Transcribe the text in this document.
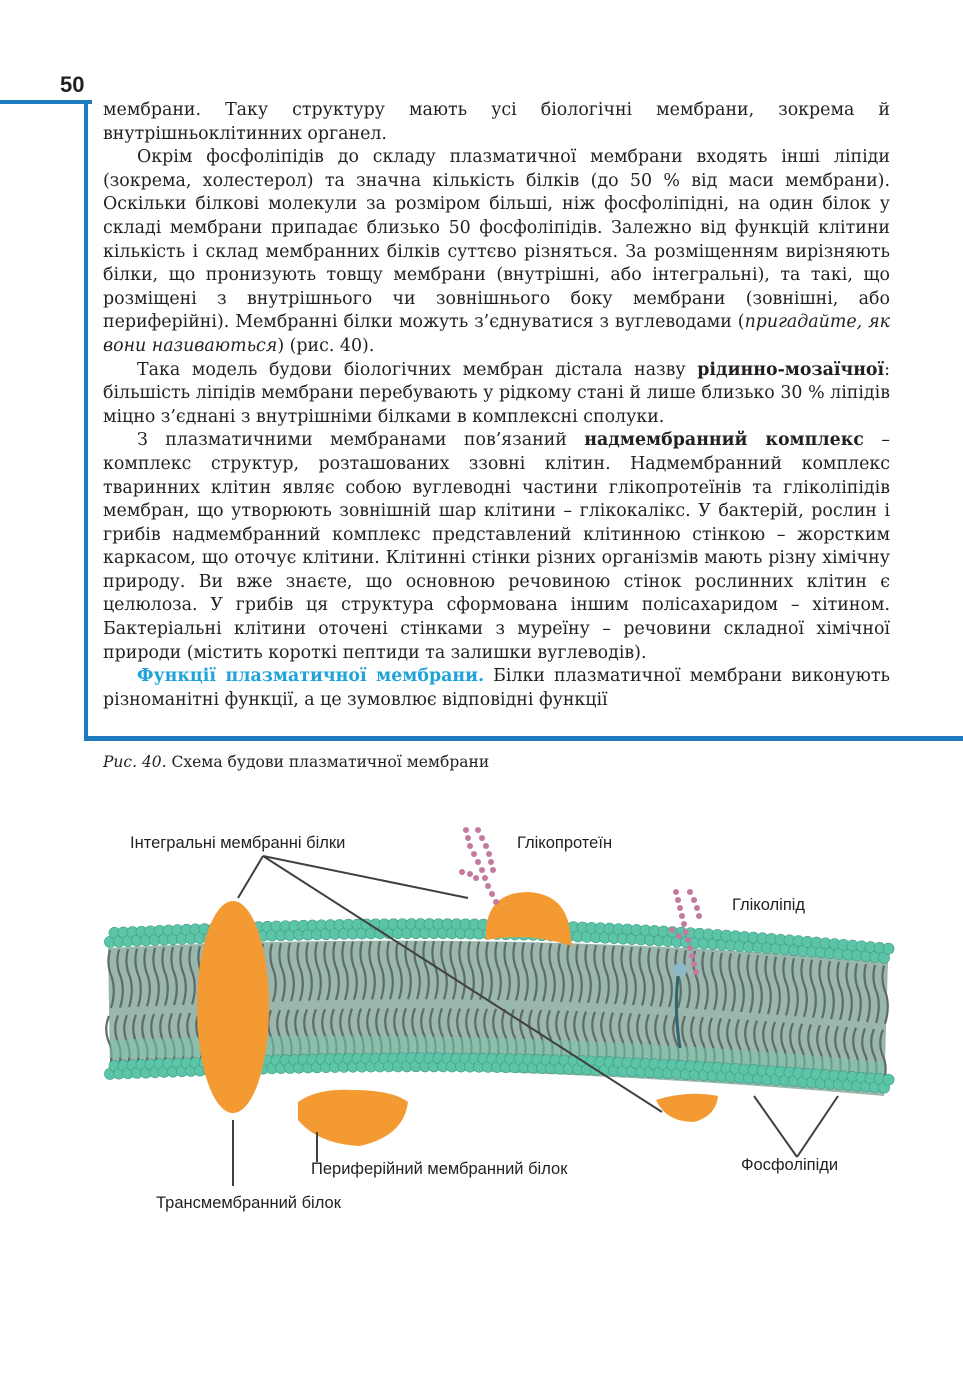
50

мембрани. Таку структуру мають усі біологічні мембрани, зокрема й внутрішньоклітинних органел.

Окрім фосфоліпідів до складу плазматичної мембрани входять інші ліпіди (зокрема, холестерол) та значна кількість білків (до 50 % від маси мембрани). Оскільки білкові молекули за розміром більші, ніж фосфоліпідні, на один білок у складі мембрани припадає близько 50 фосфоліпідів. Залежно від функцій клітини кількість і склад мембранних білків суттєво різняться. За розміщенням вирізняють білки, що пронизують товщу мембрани (внутрішні, або інтегральні), та такі, що розміщені з внутрішнього чи зовнішнього боку мембрани (зовнішні, або периферійні). Мембранні білки можуть з’єднуватися з вуглеводами (пригадайте, як вони називаються) (рис. 40).

Така модель будови біологічних мембран дістала назву рідинно-мозаїчної: більшість ліпідів мембрани перебувають у рідкому стані й лише близько 30 % ліпідів міцно з’єднані з внутрішніми білками в комплексні сполуки.

З плазматичними мембранами пов’язаний надмембранний комплекс – комплекс структур, розташованих ззовні клітин. Надмембранний комплекс тваринних клітин являє собою вуглеводні частини глікопротеїнів та гліколіпідів мембран, що утворюють зовнішній шар клітини – глікокалікс. У бактерій, рослин і грибів надмембранний комплекс представлений клітинною стінкою – жорстким каркасом, що оточує клітини. Клітинні стінки різних організмів мають різну хімічну природу. Ви вже знаєте, що основною речовиною стінок рослинних клітин є целюлоза. У грибів ця структура сформована іншим полісахаридом – хітином. Бактеріальні клітини оточені стінками з муреїну – речовини складної хімічної природи (містить короткі пептиди та залишки вуглеводів).

Функції плазматичної мембрани. Білки плазматичної мембрани виконують різноманітні функції, а це зумовлює відповідні функції

Рис. 40. Схема будови плазматичної мембрани
Інтегральні мембранні білки	Глікопротеїн
Гліколіпід
Периферійний мембранний білок	Фосфоліпіди
Трансмембранний білок
